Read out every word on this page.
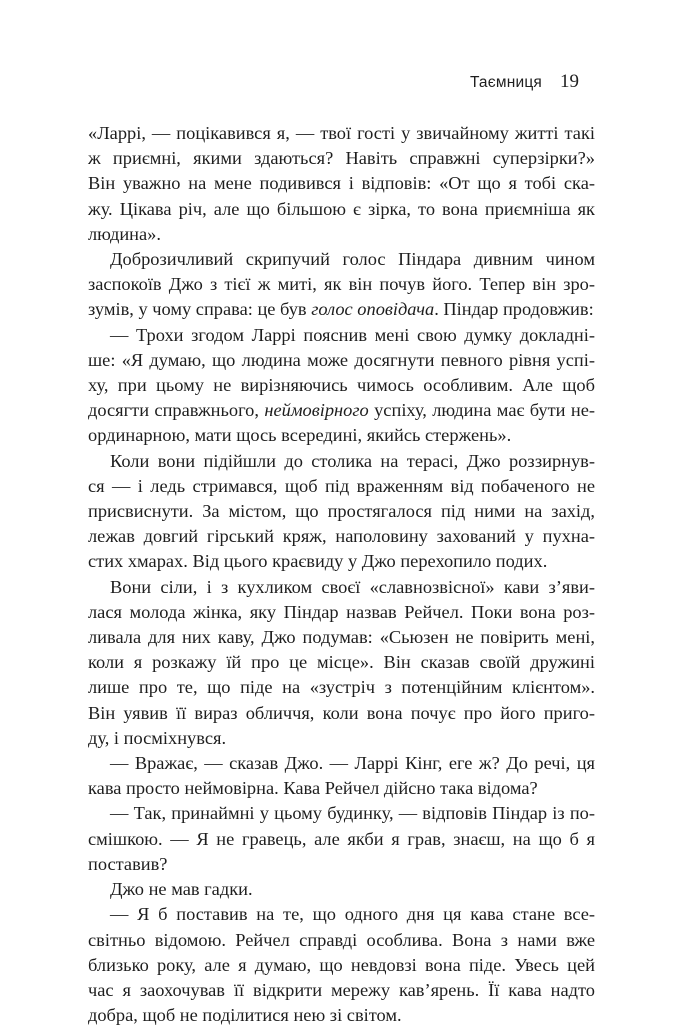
Таємниця 19
«Ларрі, — поцікавився я, — твої гості у звичайному житті такі
ж приємні, якими здаються? Навіть справжні суперзірки?»
Він уважно на мене подивився і відповів: «От що я тобі ска-
жу. Цікава річ, але що більшою є зірка, то вона приємніша як
людина».
Доброзичливий скрипучий голос Піндара дивним чином
заспокоїв Джо з тієї ж миті, як він почув його. Тепер він зро-
зумів, у чому справа: це був голос оповідача. Піндар продовжив:
— Трохи згодом Ларрі пояснив мені свою думку докладні-
ше: «Я думаю, що людина може досягнути певного рівня успі-
ху, при цьому не вирізняючись чимось особливим. Але щоб
досягти справжнього, неймовірного успіху, людина має бути не-
ординарною, мати щось всередині, якийсь стержень».
Коли вони підійшли до столика на терасі, Джо роззирнув-
ся — і ледь стримався, щоб під враженням від побаченого не
присвиснути. За містом, що простягалося під ними на захід,
лежав довгий гірський кряж, наполовину захований у пухна-
стих хмарах. Від цього краєвиду у Джо перехопило подих.
Вони сіли, і з кухликом своєї «славнозвісної» кави з’яви-
лася молода жінка, яку Піндар назвав Рейчел. Поки вона роз-
ливала для них каву, Джо подумав: «Сьюзен не повірить мені,
коли я розкажу їй про це місце». Він сказав своїй дружині
лише про те, що піде на «зустріч з потенційним клієнтом».
Він уявив її вираз обличчя, коли вона почує про його приго-
ду, і посміхнувся.
— Вражає, — сказав Джо. — Ларрі Кінг, еге ж? До речі, ця
кава просто неймовірна. Кава Рейчел дійсно така відома?
— Так, принаймні у цьому будинку, — відповів Піндар із по-
смішкою. — Я не гравець, але якби я грав, знаєш, на що б я
поставив?
Джо не мав гадки.
— Я б поставив на те, що одного дня ця кава стане все-
світньо відомою. Рейчел справді особлива. Вона з нами вже
близько року, але я думаю, що невдовзі вона піде. Увесь цей
час я заохочував її відкрити мережу кав’ярень. Її кава надто
добра, щоб не поділитися нею зі світом.
